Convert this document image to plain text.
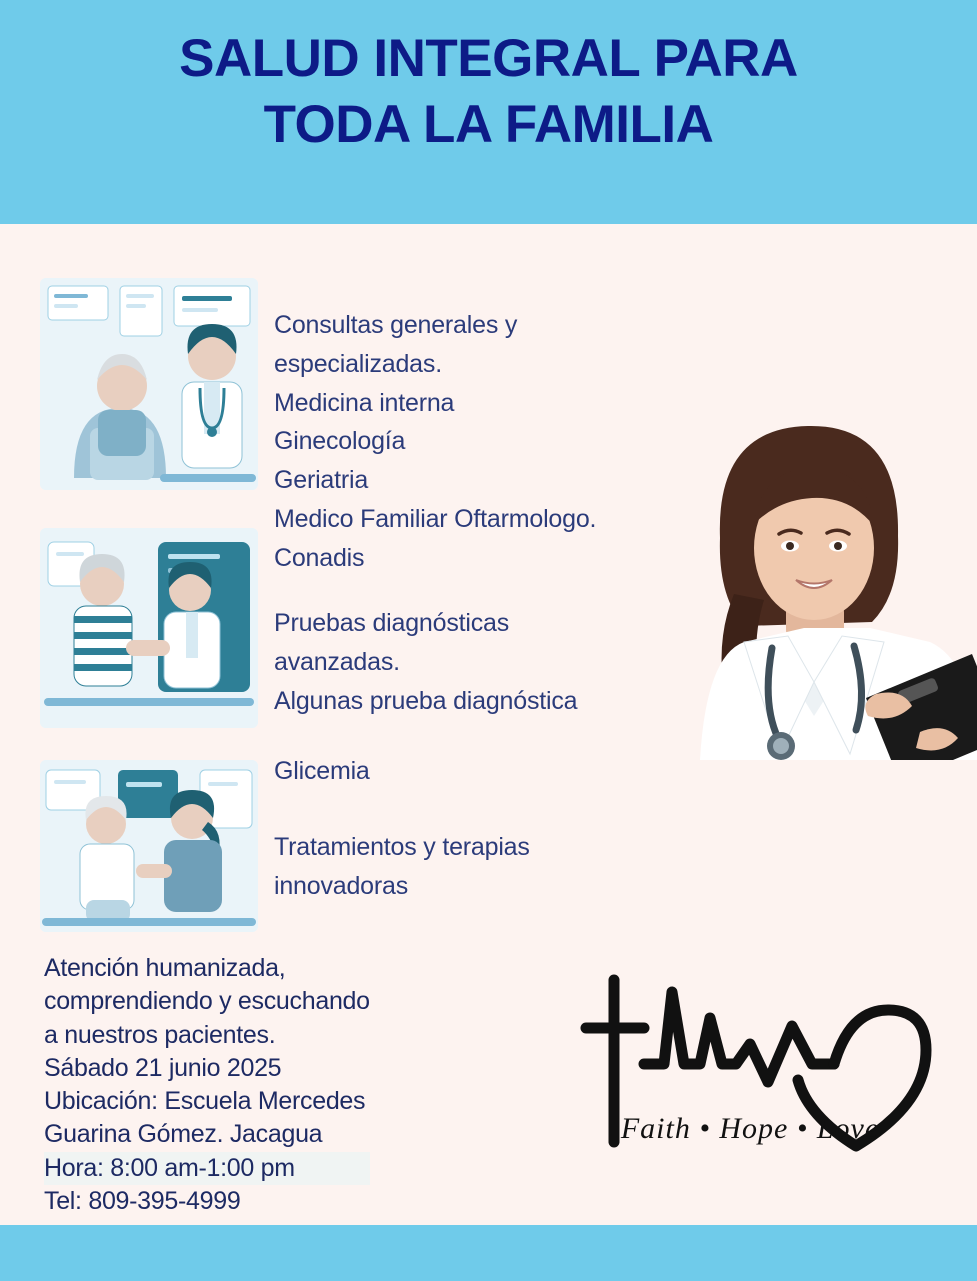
SALUD INTEGRAL PARA
TODA LA FAMILIA
Consultas generales y
especializadas.
Medicina interna
Ginecología
Geriatria
Medico Familiar Oftarmologo.
Conadis
Pruebas diagnósticas
avanzadas.
Algunas prueba diagnóstica
Glicemia
Tratamientos y terapias
innovadoras
Atención humanizada,
comprendiendo y escuchando
a nuestros pacientes.
Sábado 21 junio 2025
Ubicación: Escuela Mercedes
Guarina Gómez. Jacagua
Hora: 8:00 am-1:00 pm
Tel: 809-395-4999
Faith • Hope • Love
